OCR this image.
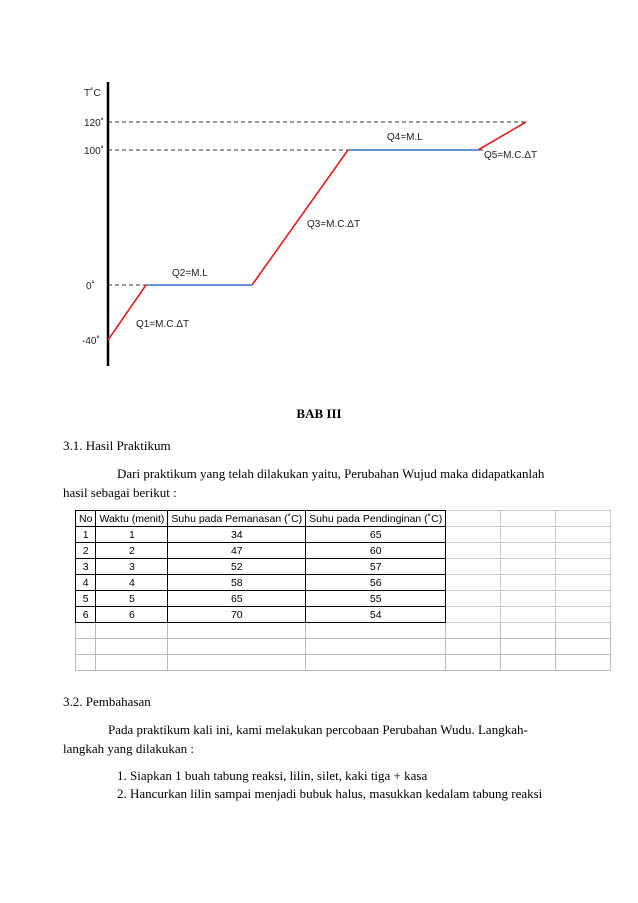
T˚C
120˚
100˚
0˚
-40˚
Q1=M.C.ΔT
Q2=M.L
Q3=M.C.ΔT
Q4=M.L
Q5=M.C.ΔT
BAB III
3.1. Hasil Praktikum
Dari praktikum yang telah dilakukan yaitu, Perubahan Wujud maka didapatkanlah
hasil sebagai berikut :
No	Waktu (menit)	Suhu pada Pemanasan (˚C)	Suhu pada Pendinginan (˚C)			
1	1	34	65			
2	2	47	60			
3	3	52	57			
4	4	58	56			
5	5	65	55			
6	6	70	54			

3.2. Pembahasan
Pada praktikum kali ini, kami melakukan percobaan Perubahan Wudu. Langkah-
langkah yang dilakukan :
1. Siapkan 1 buah tabung reaksi, lilin, silet, kaki tiga + kasa
2. Hancurkan lilin sampai menjadi bubuk halus, masukkan kedalam tabung reaksi
